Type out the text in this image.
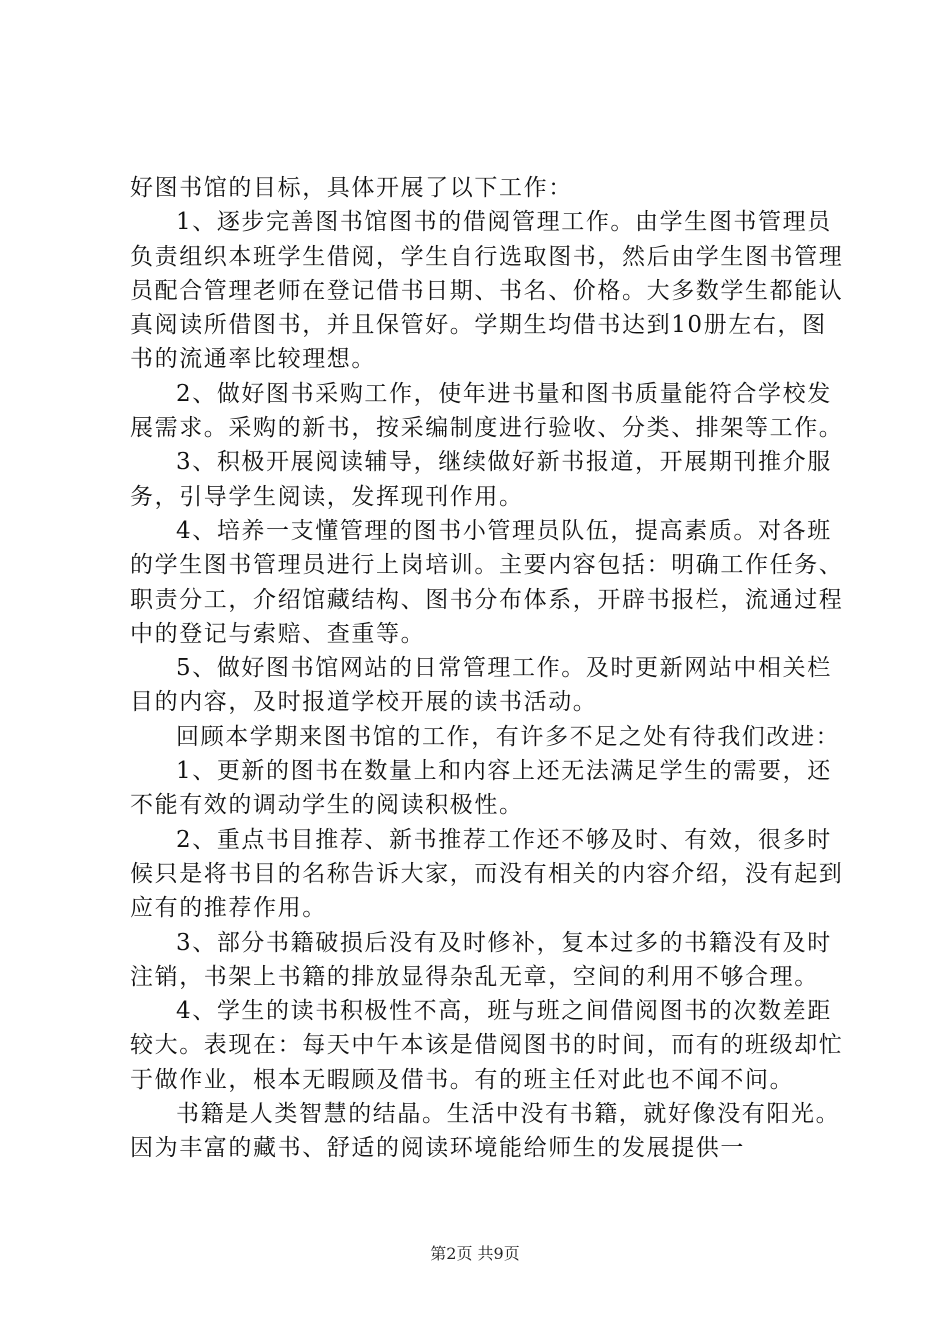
好图书馆的目标，具体开展了以下工作：

1、逐步完善图书馆图书的借阅管理工作。由学生图书管理员负责组织本班学生借阅，学生自行选取图书，然后由学生图书管理员配合管理老师在登记借书日期、书名、价格。大多数学生都能认真阅读所借图书，并且保管好。学期生均借书达到10册左右，图书的流通率比较理想。

2、做好图书采购工作，使年进书量和图书质量能符合学校发展需求。采购的新书，按采编制度进行验收、分类、排架等工作。

3、积极开展阅读辅导，继续做好新书报道，开展期刊推介服务，引导学生阅读，发挥现刊作用。

4、培养一支懂管理的图书小管理员队伍，提高素质。对各班的学生图书管理员进行上岗培训。主要内容包括：明确工作任务、职责分工，介绍馆藏结构、图书分布体系，开辟书报栏，流通过程中的登记与索赔、查重等。

5、做好图书馆网站的日常管理工作。及时更新网站中相关栏目的内容，及时报道学校开展的读书活动。

回顾本学期来图书馆的工作，有许多不足之处有待我们改进：

1、更新的图书在数量上和内容上还无法满足学生的需要，还不能有效的调动学生的阅读积极性。

2、重点书目推荐、新书推荐工作还不够及时、有效，很多时候只是将书目的名称告诉大家，而没有相关的内容介绍，没有起到应有的推荐作用。

3、部分书籍破损后没有及时修补，复本过多的书籍没有及时注销，书架上书籍的排放显得杂乱无章，空间的利用不够合理。

4、学生的读书积极性不高，班与班之间借阅图书的次数差距较大。表现在：每天中午本该是借阅图书的时间，而有的班级却忙于做作业，根本无暇顾及借书。有的班主任对此也不闻不问。

书籍是人类智慧的结晶。生活中没有书籍，就好像没有阳光。因为丰富的藏书、舒适的阅读环境能给师生的发展提供一

第2页 共9页
